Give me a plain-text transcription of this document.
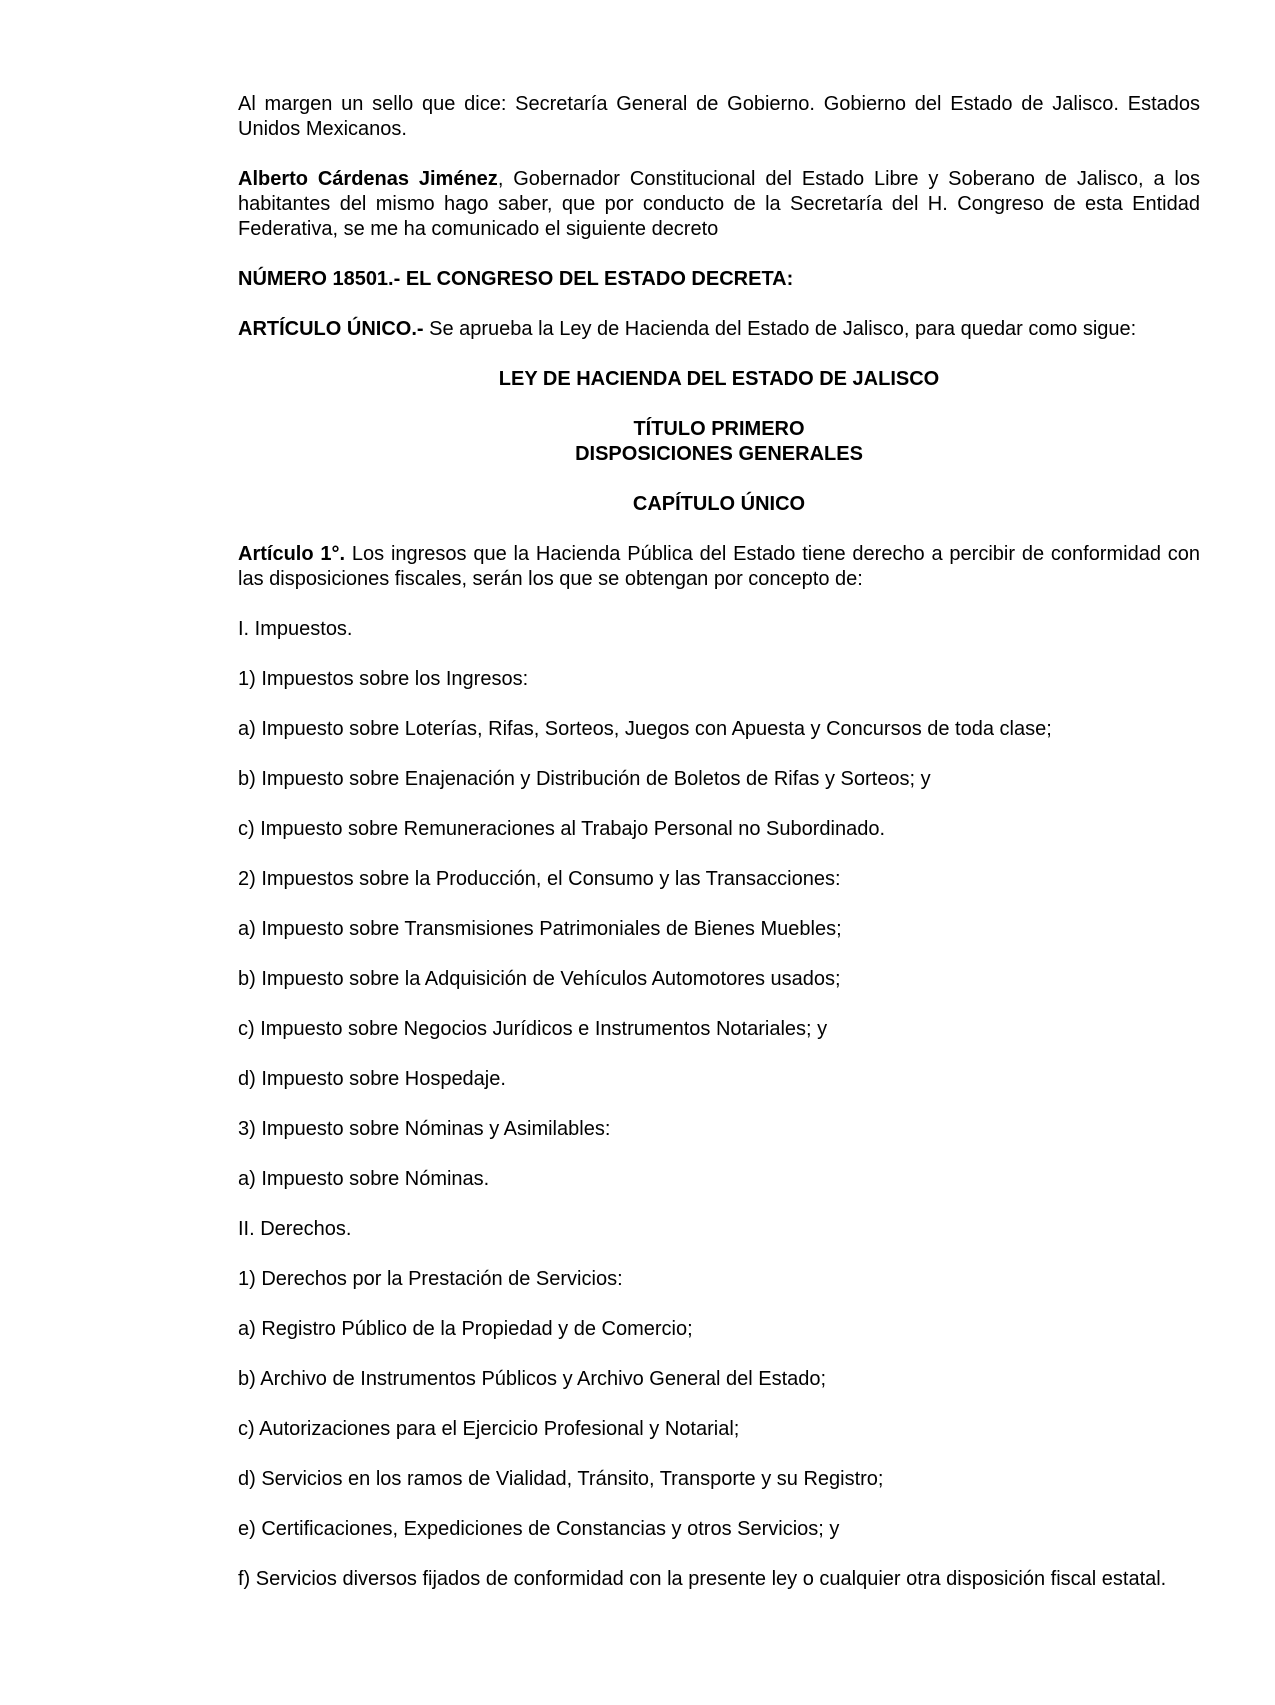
Al margen un sello que dice: Secretaría General de Gobierno. Gobierno del Estado de Jalisco. Estados Unidos Mexicanos.

Alberto Cárdenas Jiménez, Gobernador Constitucional del Estado Libre y Soberano de Jalisco, a los habitantes del mismo hago saber, que por conducto de la Secretaría del H. Congreso de esta Entidad Federativa, se me ha comunicado el siguiente decreto

NÚMERO 18501.- EL CONGRESO DEL ESTADO DECRETA:

ARTÍCULO ÚNICO.- Se aprueba la Ley de Hacienda del Estado de Jalisco, para quedar como sigue:

LEY DE HACIENDA DEL ESTADO DE JALISCO

TÍTULO PRIMERO
DISPOSICIONES GENERALES

CAPÍTULO ÚNICO

Artículo 1°. Los ingresos que la Hacienda Pública del Estado tiene derecho a percibir de conformidad con las disposiciones fiscales, serán los que se obtengan por concepto de:

I. Impuestos.

1) Impuestos sobre los Ingresos:

a) Impuesto sobre Loterías, Rifas, Sorteos, Juegos con Apuesta y Concursos de toda clase;

b) Impuesto sobre Enajenación y Distribución de Boletos de Rifas y Sorteos; y

c) Impuesto sobre Remuneraciones al Trabajo Personal no Subordinado.

2) Impuestos sobre la Producción, el Consumo y las Transacciones:

a) Impuesto sobre Transmisiones Patrimoniales de Bienes Muebles;

b) Impuesto sobre la Adquisición de Vehículos Automotores usados;

c) Impuesto sobre Negocios Jurídicos e Instrumentos Notariales; y

d) Impuesto sobre Hospedaje.

3) Impuesto sobre Nóminas y Asimilables:

a) Impuesto sobre Nóminas.

II. Derechos.

1) Derechos por la Prestación de Servicios:

a) Registro Público de la Propiedad y de Comercio;

b) Archivo de Instrumentos Públicos y Archivo General del Estado;

c) Autorizaciones para el Ejercicio Profesional y Notarial;

d) Servicios en los ramos de Vialidad, Tránsito, Transporte y su Registro;

e) Certificaciones, Expediciones de Constancias y otros Servicios; y

f) Servicios diversos fijados de conformidad con la presente ley o cualquier otra disposición fiscal estatal.
